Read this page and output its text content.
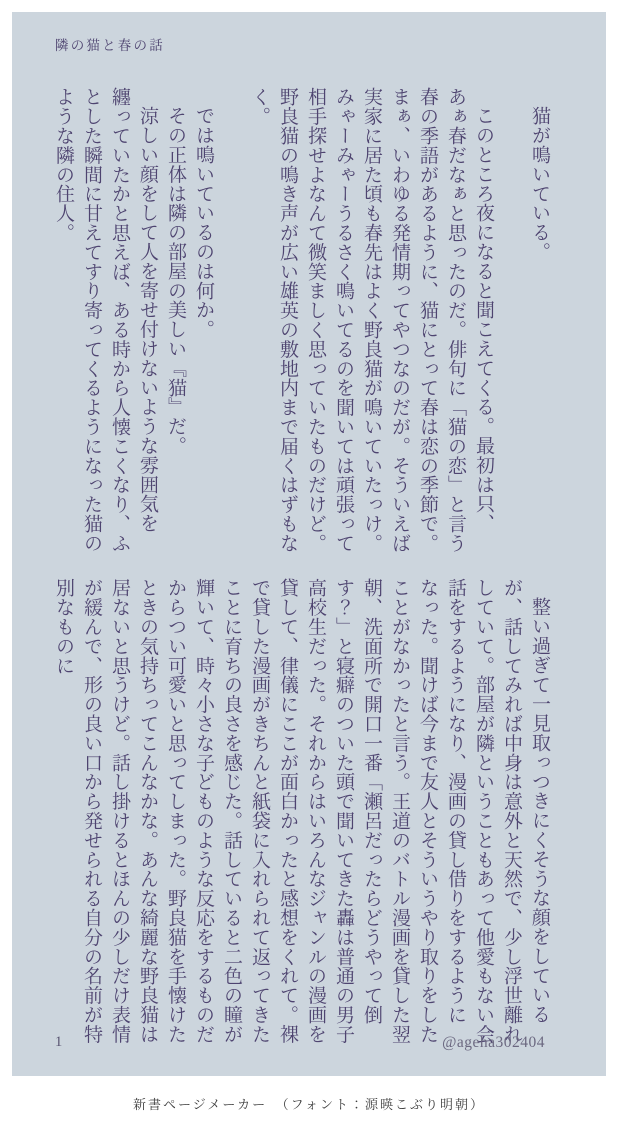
隣の猫と春の話

猫が鳴いている。

このところ夜になると聞こえてくる。最初は只、あぁ春だなぁと思ったのだ。俳句に「猫の恋」と言う春の季語があるように、猫にとって春は恋の季節で。まぁ、いわゆる発情期ってやつなのだが。そういえば実家に居た頃も春先はよく野良猫が鳴いていたっけ。みゃーみゃーうるさく鳴いてるのを聞いては頑張って相手探せよなんて微笑ましく思っていたものだけど。野良猫の鳴き声が広い雄英の敷地内まで届くはずもなく。

では鳴いているのは何か。

その正体は隣の部屋の美しい『猫』だ。

涼しい顔をして人を寄せ付けないような雰囲気を纏っていたかと思えば、ある時から人懐こくなり、ふとした瞬間に甘えてすり寄ってくるようになった猫のような隣の住人。

整い過ぎて一見取っつきにくそうな顔をしているが、話してみれば中身は意外と天然で、少し浮世離れしていて。部屋が隣ということもあって他愛もない会話をするようになり、漫画の貸し借りをするようになった。聞けば今まで友人とそういうやり取りをしたことがなかったと言う。王道のバトル漫画を貸した翌朝、洗面所で開口一番「瀬呂だったらどうやって倒す？」と寝癖のついた頭で聞いてきた轟は普通の男子高校生だった。それからはいろんなジャンルの漫画を貸して、律儀にここが面白かったと感想をくれて。裸で貸した漫画がきちんと紙袋に入れられて返ってきたことに育ちの良さを感じた。話していると二色の瞳が輝いて、時々小さな子どものような反応をするものだからつい可愛いと思ってしまった。野良猫を手懐けたときの気持ちってこんなかな。あんな綺麗な野良猫は居ないと思うけど。話し掛けるとほんの少しだけ表情が緩んで、形の良い口から発せられる自分の名前が特別なものに

1	@ageha302404
新書ページメーカー　（フォント：源暎こぶり明朝）
